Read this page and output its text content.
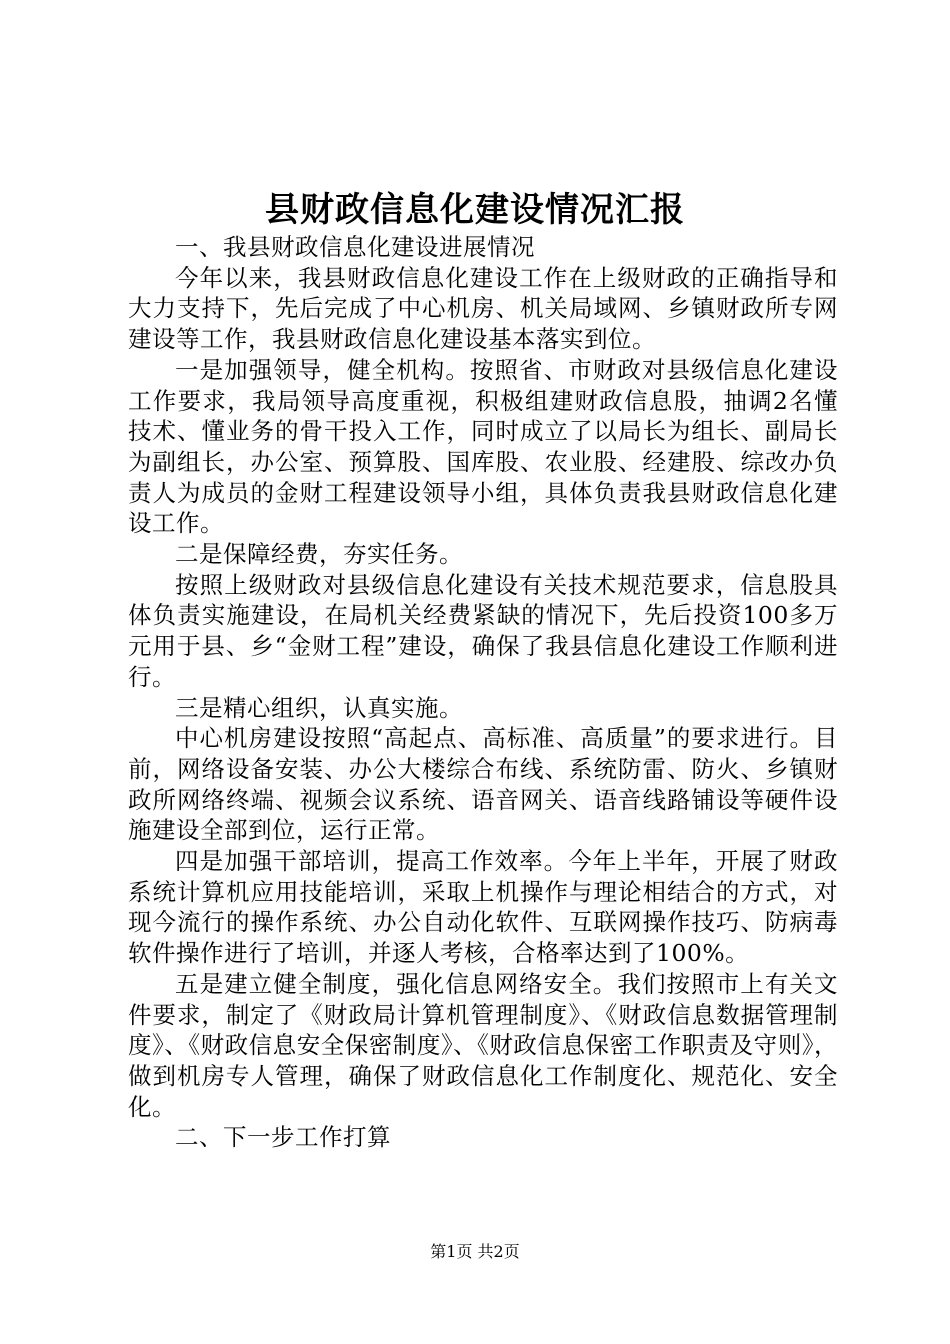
县财政信息化建设情况汇报

一、我县财政信息化建设进展情况

今年以来，我县财政信息化建设工作在上级财政的正确指导和大力支持下，先后完成了中心机房、机关局域网、乡镇财政所专网建设等工作，我县财政信息化建设基本落实到位。

一是加强领导，健全机构。按照省、市财政对县级信息化建设工作要求，我局领导高度重视，积极组建财政信息股，抽调2名懂技术、懂业务的骨干投入工作，同时成立了以局长为组长、副局长为副组长，办公室、预算股、国库股、农业股、经建股、综改办负责人为成员的金财工程建设领导小组，具体负责我县财政信息化建设工作。

二是保障经费，夯实任务。

按照上级财政对县级信息化建设有关技术规范要求，信息股具体负责实施建设，在局机关经费紧缺的情况下，先后投资100多万元用于县、乡“金财工程”建设，确保了我县信息化建设工作顺利进行。

三是精心组织，认真实施。

中心机房建设按照“高起点、高标准、高质量”的要求进行。目前，网络设备安装、办公大楼综合布线、系统防雷、防火、乡镇财政所网络终端、视频会议系统、语音网关、语音线路铺设等硬件设施建设全部到位，运行正常。

四是加强干部培训，提高工作效率。今年上半年，开展了财政系统计算机应用技能培训，采取上机操作与理论相结合的方式，对现今流行的操作系统、办公自动化软件、互联网操作技巧、防病毒软件操作进行了培训，并逐人考核，合格率达到了100%。

五是建立健全制度，强化信息网络安全。我们按照市上有关文件要求，制定了《财政局计算机管理制度》、《财政信息数据管理制度》、《财政信息安全保密制度》、《财政信息保密工作职责及守则》，做到机房专人管理，确保了财政信息化工作制度化、规范化、安全化。

二、下一步工作打算

第1页 共2页
